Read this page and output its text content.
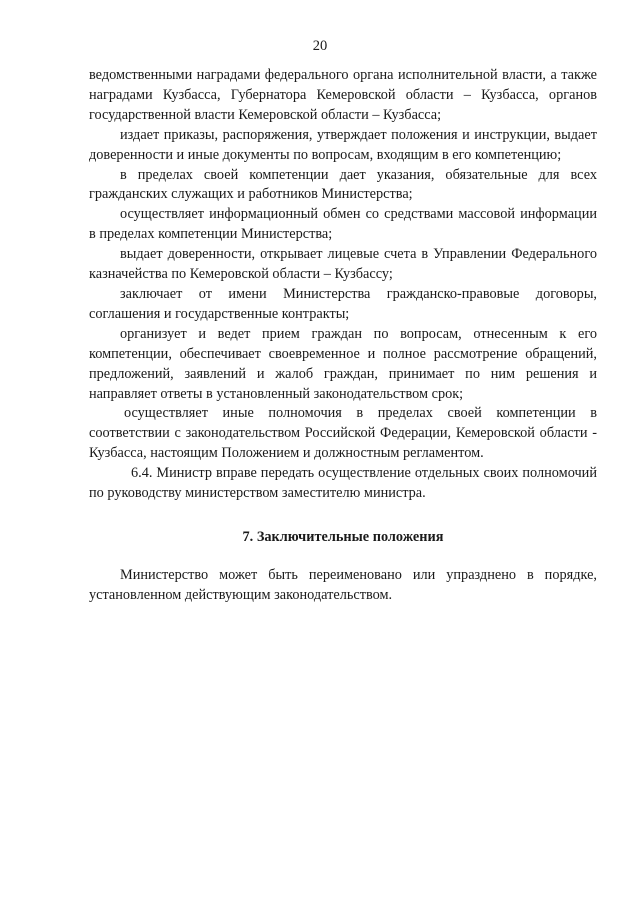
20

ведомственными наградами федерального органа исполнительной власти, а также наградами Кузбасса, Губернатора Кемеровской области – Кузбасса, органов государственной власти Кемеровской области – Кузбасса;

издает приказы, распоряжения, утверждает положения и инструкции, выдает доверенности и иные документы по вопросам, входящим в его компетенцию;

в пределах своей компетенции дает указания, обязательные для всех гражданских служащих и работников Министерства;

осуществляет информационный обмен со средствами массовой информации в пределах компетенции Министерства;

выдает доверенности, открывает лицевые счета в Управлении Федерального казначейства по Кемеровской области – Кузбассу;

заключает от имени Министерства гражданско-правовые договоры, соглашения и государственные контракты;

организует и ведет прием граждан по вопросам, отнесенным к его компетенции, обеспечивает своевременное и полное рассмотрение обращений, предложений, заявлений и жалоб граждан, принимает по ним решения и направляет ответы в установленный законодательством срок;

осуществляет иные полномочия в пределах своей компетенции в соответствии с законодательством Российской Федерации, Кемеровской области - Кузбасса, настоящим Положением и должностным регламентом.

6.4. Министр вправе передать осуществление отдельных своих полномочий по руководству министерством заместителю министра.

7. Заключительные положения

Министерство может быть переименовано или упразднено в порядке, установленном действующим законодательством.
